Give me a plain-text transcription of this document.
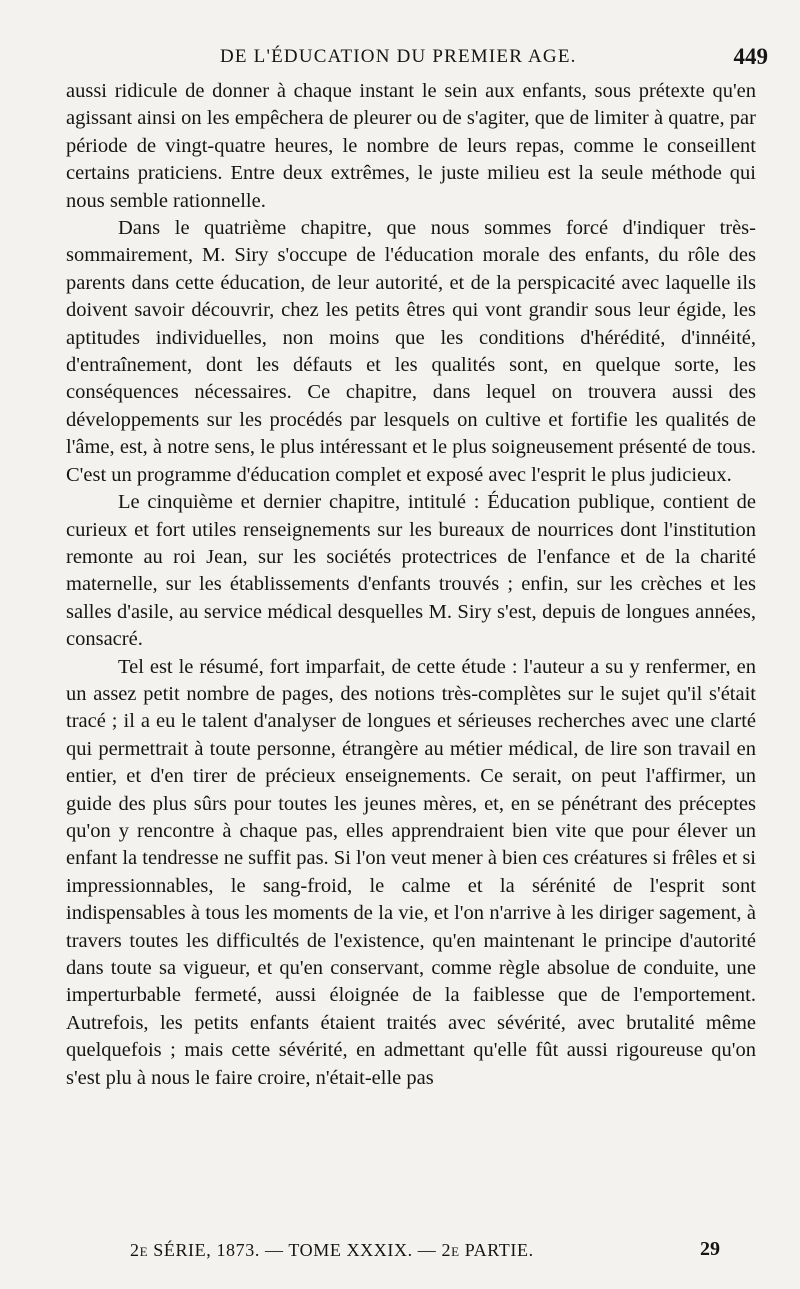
DE L'ÉDUCATION DU PREMIER AGE.	449

aussi ridicule de donner à chaque instant le sein aux enfants, sous prétexte qu'en agissant ainsi on les empêchera de pleurer ou de s'agiter, que de limiter à quatre, par période de vingt-quatre heures, le nombre de leurs repas, comme le conseillent certains praticiens. Entre deux extrêmes, le juste milieu est la seule méthode qui nous semble rationnelle.

Dans le quatrième chapitre, que nous sommes forcé d'indiquer très-sommairement, M. Siry s'occupe de l'éducation morale des enfants, du rôle des parents dans cette éducation, de leur autorité, et de la perspicacité avec laquelle ils doivent savoir découvrir, chez les petits êtres qui vont grandir sous leur égide, les aptitudes individuelles, non moins que les conditions d'hérédité, d'innéité, d'entraînement, dont les défauts et les qualités sont, en quelque sorte, les conséquences nécessaires. Ce chapitre, dans lequel on trouvera aussi des développements sur les procédés par lesquels on cultive et fortifie les qualités de l'âme, est, à notre sens, le plus intéressant et le plus soigneusement présenté de tous. C'est un programme d'éducation complet et exposé avec l'esprit le plus judicieux.

Le cinquième et dernier chapitre, intitulé : Éducation publique, contient de curieux et fort utiles renseignements sur les bureaux de nourrices dont l'institution remonte au roi Jean, sur les sociétés protectrices de l'enfance et de la charité maternelle, sur les établissements d'enfants trouvés ; enfin, sur les crèches et les salles d'asile, au service médical desquelles M. Siry s'est, depuis de longues années, consacré.

Tel est le résumé, fort imparfait, de cette étude : l'auteur a su y renfermer, en un assez petit nombre de pages, des notions très-complètes sur le sujet qu'il s'était tracé ; il a eu le talent d'analyser de longues et sérieuses recherches avec une clarté qui permettrait à toute personne, étrangère au métier médical, de lire son travail en entier, et d'en tirer de précieux enseignements. Ce serait, on peut l'affirmer, un guide des plus sûrs pour toutes les jeunes mères, et, en se pénétrant des préceptes qu'on y rencontre à chaque pas, elles apprendraient bien vite que pour élever un enfant la tendresse ne suffit pas. Si l'on veut mener à bien ces créatures si frêles et si impressionnables, le sang-froid, le calme et la sérénité de l'esprit sont indispensables à tous les moments de la vie, et l'on n'arrive à les diriger sagement, à travers toutes les difficultés de l'existence, qu'en maintenant le principe d'autorité dans toute sa vigueur, et qu'en conservant, comme règle absolue de conduite, une imperturbable fermeté, aussi éloignée de la faiblesse que de l'emportement. Autrefois, les petits enfants étaient traités avec sévérité, avec brutalité même quelquefois ; mais cette sévérité, en admettant qu'elle fût aussi rigoureuse qu'on s'est plu à nous le faire croire, n'était-elle pas

2e SÉRIE, 1873. — TOME XXXIX. — 2e PARTIE.	29
